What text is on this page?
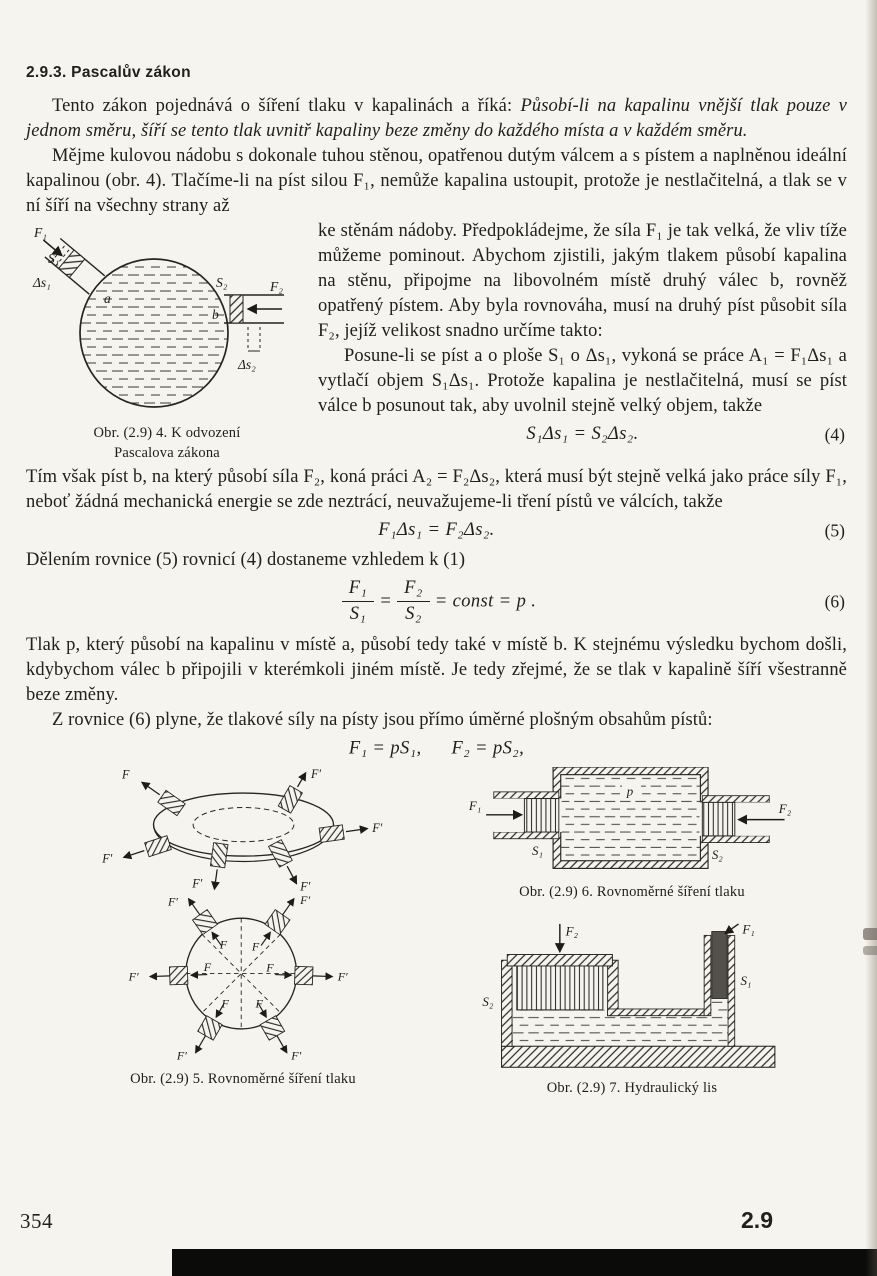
2.9.3. Pascalův zákon

Tento zákon pojednává o šíření tlaku v kapalinách a říká: Působí-li na kapalinu vnější tlak pouze v jednom směru, šíří se tento tlak uvnitř kapaliny beze změny do každého místa a v každém směru.

Mějme kulovou nádobu s dokonale tuhou stěnou, opatřenou dutým válcem a s pístem a naplněnou ideální kapalinou (obr. 4). Tlačíme-li na píst silou F₁, nemůže kapalina ustoupit, protože je nestlačitelná, a tlak se v ní šíří na všechny strany až

F₁
S₁
Δs₁
a
S₂
b
F₂
Δs₂
Obr. (2.9) 4. K odvození
Pascalova zákona

ke stěnám nádoby. Předpokládejme, že síla F₁ je tak velká, že vliv tíže můžeme pominout. Abychom zjistili, jakým tlakem působí kapalina na stěnu, připojme na libovolném místě druhý válec b, rovněž opatřený pístem. Aby byla rovnováha, musí na druhý píst působit síla F₂, jejíž velikost snadno určíme takto:

Posune-li se píst a o ploše S₁ o Δs₁, vykoná se práce A₁ = F₁Δs₁ a vytlačí objem S₁Δs₁. Protože kapalina je nestlačitelná, musí se píst válce b posunout tak, aby uvolnil stejně velký objem, takže

S₁Δs₁ = S₂Δs₂.	(4)

Tím však píst b, na který působí síla F₂, koná práci A₂ = F₂Δs₂, která musí být stejně velká jako práce síly F₁, neboť žádná mechanická energie se zde neztrácí, neuvažujeme-li tření pístů ve válcích, takže

F₁Δs₁ = F₂Δs₂.	(5)

Dělením rovnice (5) rovnicí (4) dostaneme vzhledem k (1)

$\frac{\text{F₁}}{\text{S₁}} = \frac{\text{F₂}}{\text{S₂}}$ = const = p .	(6)

Tlak p, který působí na kapalinu v místě a, působí tedy také v místě b. K stejnému výsledku bychom došli, kdybychom válec b připojili v kterémkoli jiném místě. Je tedy zřejmé, že se tlak v kapalině šíří všestranně beze změny.

Z rovnice (6) plyne, že tlakové síly na písty jsou přímo úměrné plošným obsahům pístů:

F₁ = pS₁, F₂ = pS₂,
F	F′
F′
F′
F′	F′
F′
F′
F′	F′
F′
F′
F
F
F	F
F
F
Obr. (2.9) 5. Rovnoměrné šíření tlaku
F₁
p
F₂
S₁	S₂
Obr. (2.9) 6. Rovnoměrné šíření tlaku
F₂	F₁
S₁
S₂
Obr. (2.9) 7. Hydraulický lis
354	2.9
